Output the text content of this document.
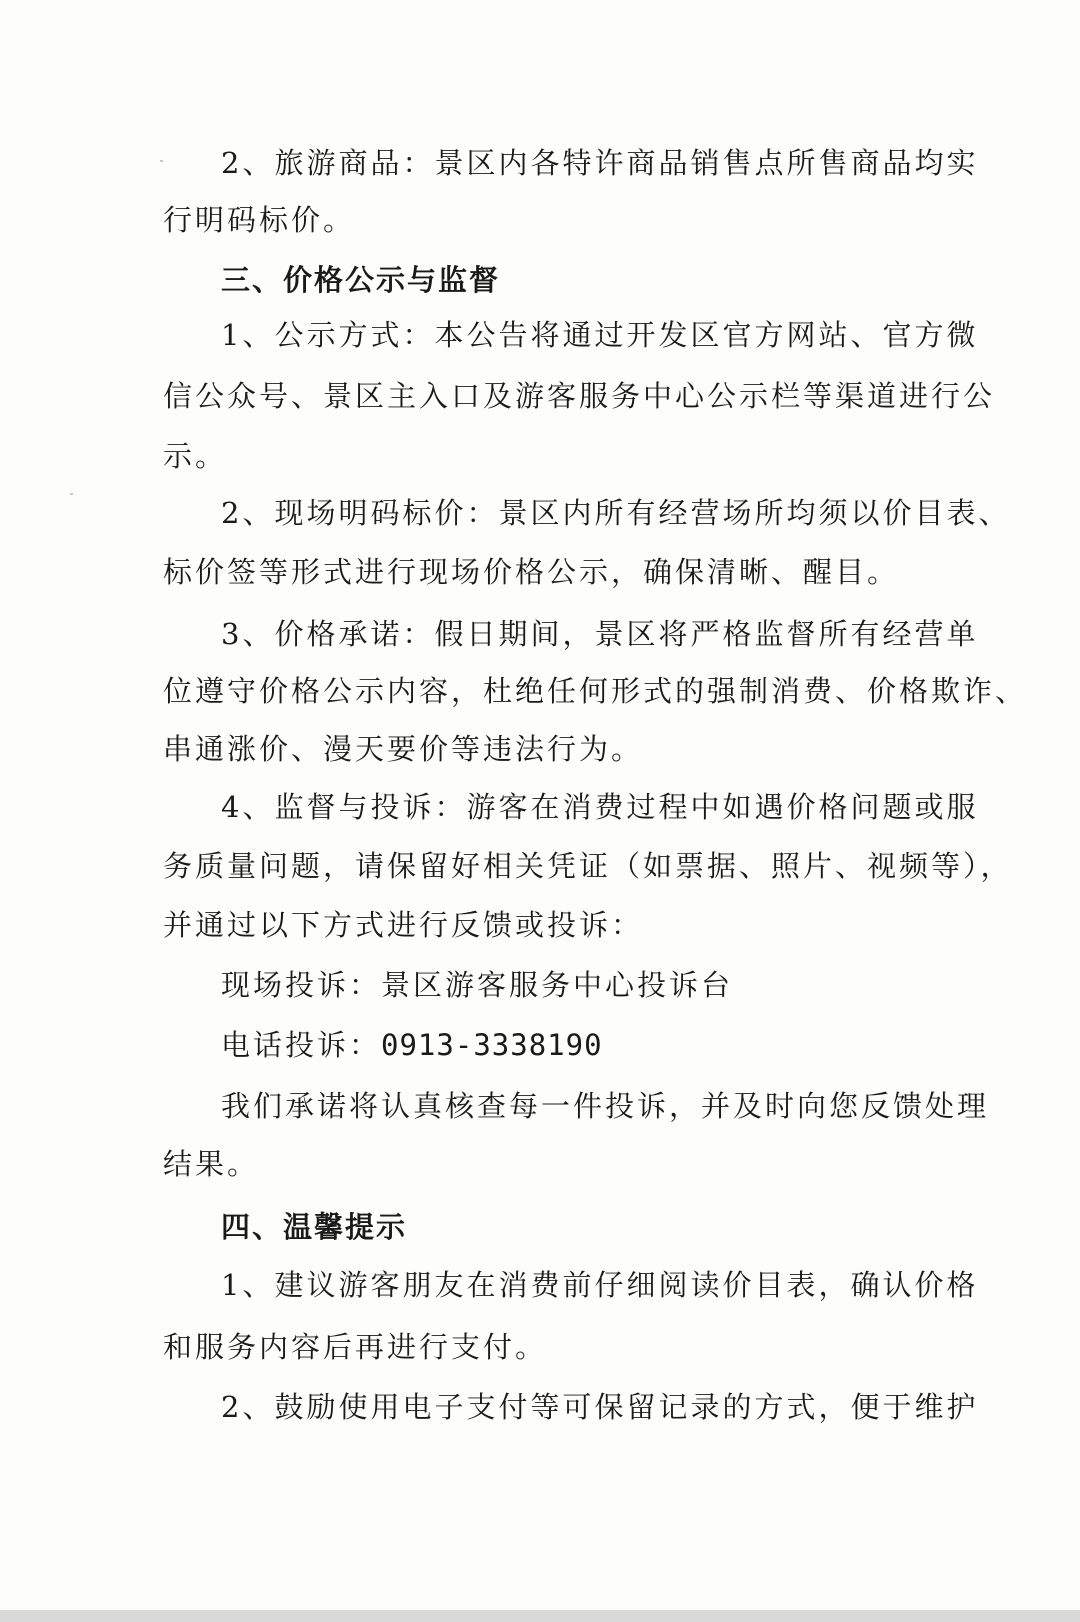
2、旅游商品：景区内各特许商品销售点所售商品均实
行明码标价。
三、价格公示与监督
1、公示方式：本公告将通过开发区官方网站、官方微
信公众号、景区主入口及游客服务中心公示栏等渠道进行公
示。
2、现场明码标价：景区内所有经营场所均须以价目表、
标价签等形式进行现场价格公示，确保清晰、醒目。
3、价格承诺：假日期间，景区将严格监督所有经营单
位遵守价格公示内容，杜绝任何形式的强制消费、价格欺诈、
串通涨价、漫天要价等违法行为。
4、监督与投诉：游客在消费过程中如遇价格问题或服
务质量问题，请保留好相关凭证（如票据、照片、视频等），
并通过以下方式进行反馈或投诉：
现场投诉：景区游客服务中心投诉台
电话投诉：0913-3338190
我们承诺将认真核查每一件投诉，并及时向您反馈处理
结果。
四、温馨提示
1、建议游客朋友在消费前仔细阅读价目表，确认价格
和服务内容后再进行支付。
2、鼓励使用电子支付等可保留记录的方式，便于维护
